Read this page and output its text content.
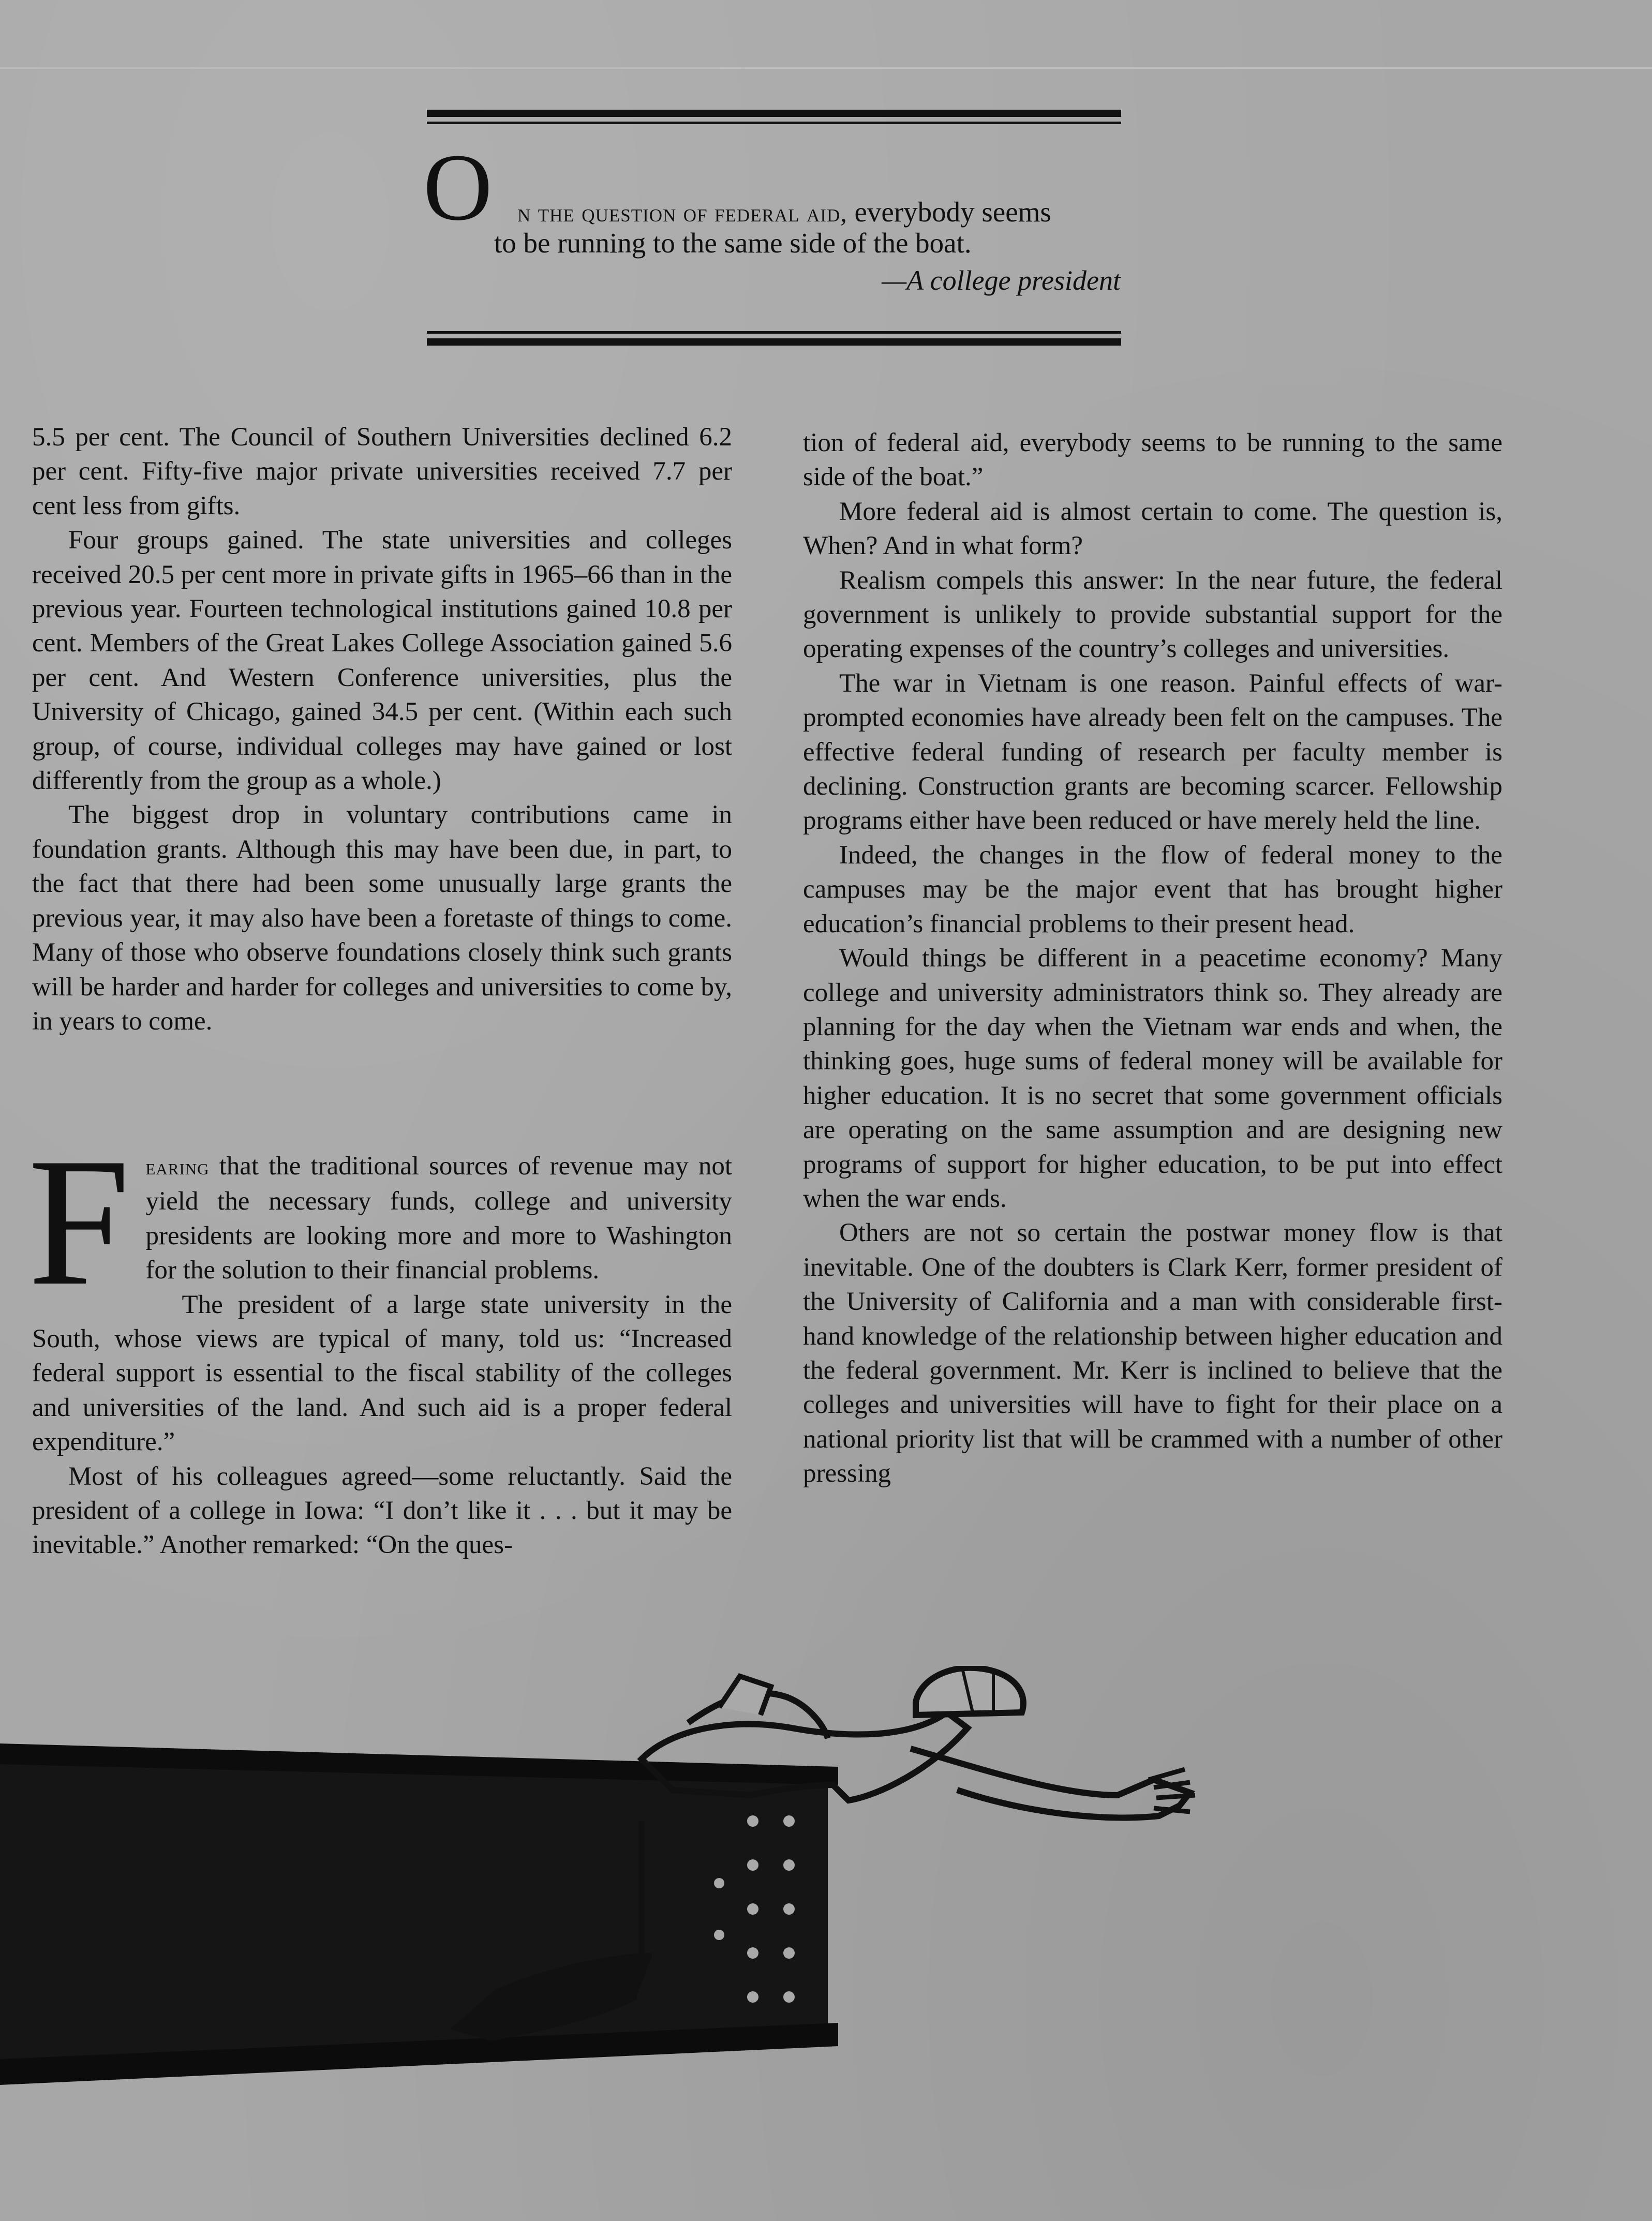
O n the question of federal aid, everybody seems
to be running to the same side of the boat.
—A college president

5.5 per cent. The Council of Southern Universities declined 6.2 per cent. Fifty-five major private universities received 7.7 per cent less from gifts.

Four groups gained. The state universities and colleges received 20.5 per cent more in private gifts in 1965–66 than in the previous year. Fourteen technological institutions gained 10.8 per cent. Members of the Great Lakes College Association gained 5.6 per cent. And Western Conference universities, plus the University of Chicago, gained 34.5 per cent. (Within each such group, of course, individual colleges may have gained or lost differently from the group as a whole.)

The biggest drop in voluntary contributions came in foundation grants. Although this may have been due, in part, to the fact that there had been some unusually large grants the previous year, it may also have been a foretaste of things to come. Many of those who observe foundations closely think such grants will be harder and harder for colleges and universities to come by, in years to come.

Fearing that the traditional sources of revenue may not yield the necessary funds, college and university presidents are looking more and more to Washington for the solution to their financial problems.

The president of a large state university in the South, whose views are typical of many, told us: “Increased federal support is essential to the fiscal stability of the colleges and universities of the land. And such aid is a proper federal expenditure.”

Most of his colleagues agreed—some reluctantly. Said the president of a college in Iowa: “I don’t like it . . . but it may be inevitable.” Another remarked: “On the ques-

tion of federal aid, everybody seems to be running to the same side of the boat.”

More federal aid is almost certain to come. The question is, When? And in what form?

Realism compels this answer: In the near future, the federal government is unlikely to provide substantial support for the operating expenses of the country’s colleges and universities.

The war in Vietnam is one reason. Painful effects of war-prompted economies have already been felt on the campuses. The effective federal funding of research per faculty member is declining. Construction grants are becoming scarcer. Fellowship programs either have been reduced or have merely held the line.

Indeed, the changes in the flow of federal money to the campuses may be the major event that has brought higher education’s financial problems to their present head.

Would things be different in a peacetime economy? Many college and university administrators think so. They already are planning for the day when the Vietnam war ends and when, the thinking goes, huge sums of federal money will be available for higher education. It is no secret that some government officials are operating on the same assumption and are designing new programs of support for higher education, to be put into effect when the war ends.

Others are not so certain the postwar money flow is that inevitable. One of the doubters is Clark Kerr, former president of the University of California and a man with considerable first-hand knowledge of the relationship between higher education and the federal government. Mr. Kerr is inclined to believe that the colleges and universities will have to fight for their place on a national priority list that will be crammed with a number of other pressing
